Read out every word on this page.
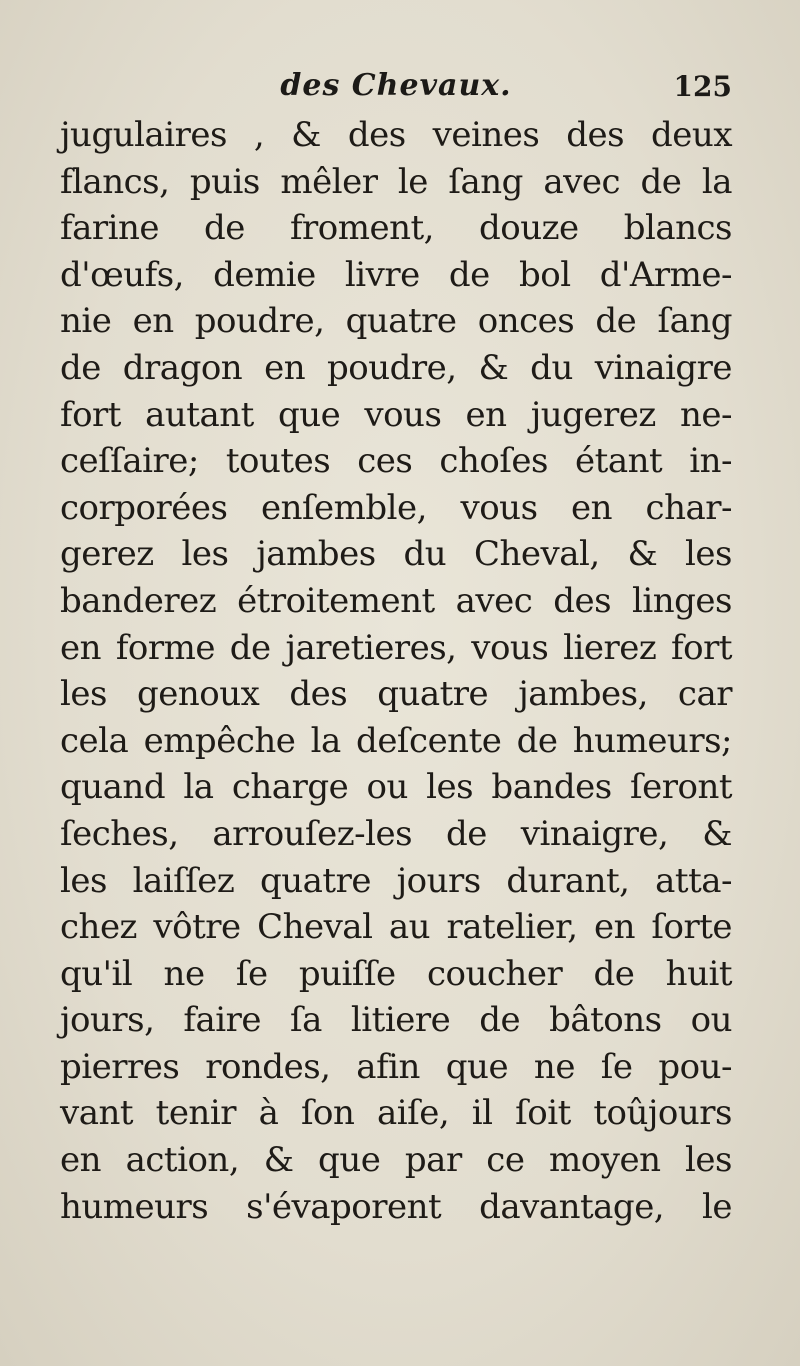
des Chevaux.	125
jugulaires , & des veines des deux
flancs, puis mêler le ſang avec de la
farine de froment, douze blancs
d'œufs, demie livre de bol d'Arme-
nie en poudre, quatre onces de ſang
de dragon en poudre, & du vinaigre
fort autant que vous en jugerez ne-
ceſſaire; toutes ces choſes étant in-
corporées enſemble, vous en char-
gerez les jambes du Cheval, & les
banderez étroitement avec des linges
en forme de jaretieres, vous lierez fort
les genoux des quatre jambes, car
cela empêche la deſcente de humeurs;
quand la charge ou les bandes ſeront
ſeches, arrouſez-les de vinaigre, &
les laiſſez quatre jours durant, atta-
chez vôtre Cheval au ratelier, en ſorte
qu'il ne ſe puiſſe coucher de huit
jours, faire ſa litiere de bâtons ou
pierres rondes, afin que ne ſe pou-
vant tenir à ſon aiſe, il ſoit toûjours
en action, & que par ce moyen les
humeurs s'évaporent davantage, le
